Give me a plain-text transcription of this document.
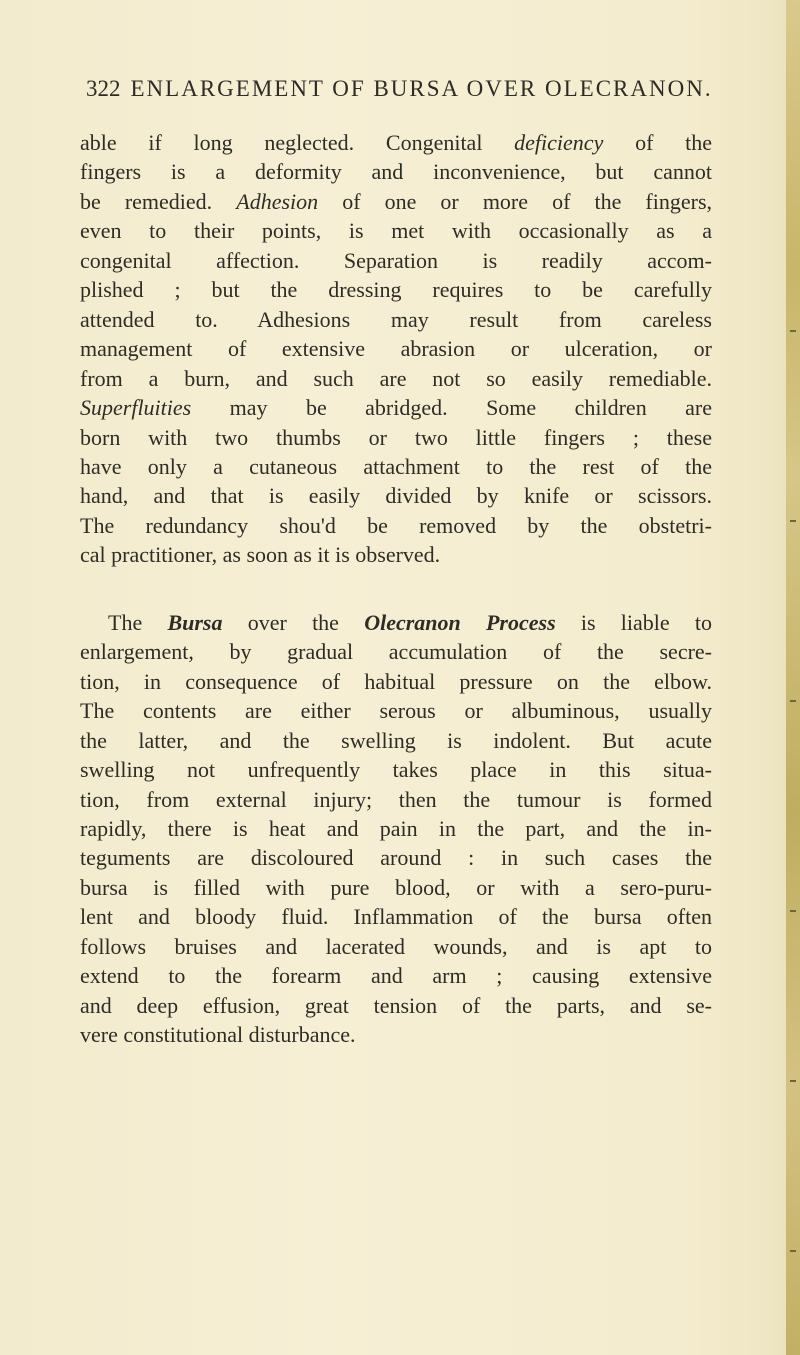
322 ENLARGEMENT OF BURSA OVER OLECRANON.
able if long neglected. Congenital deficiency of the
fingers is a deformity and inconvenience, but cannot
be remedied. Adhesion of one or more of the fingers,
even to their points, is met with occasionally as a
congenital affection. Separation is readily accom-
plished ; but the dressing requires to be carefully
attended to. Adhesions may result from careless
management of extensive abrasion or ulceration, or
from a burn, and such are not so easily remediable.
Superfluities may be abridged. Some children are
born with two thumbs or two little fingers ; these
have only a cutaneous attachment to the rest of the
hand, and that is easily divided by knife or scissors.
The redundancy shou'd be removed by the obstetri-
cal practitioner, as soon as it is observed.
The Bursa over the Olecranon Process is liable to
enlargement, by gradual accumulation of the secre-
tion, in consequence of habitual pressure on the elbow.
The contents are either serous or albuminous, usually
the latter, and the swelling is indolent. But acute
swelling not unfrequently takes place in this situa-
tion, from external injury; then the tumour is formed
rapidly, there is heat and pain in the part, and the in-
teguments are discoloured around : in such cases the
bursa is filled with pure blood, or with a sero-puru-
lent and bloody fluid. Inflammation of the bursa often
follows bruises and lacerated wounds, and is apt to
extend to the forearm and arm ; causing extensive
and deep effusion, great tension of the parts, and se-
vere constitutional disturbance.
